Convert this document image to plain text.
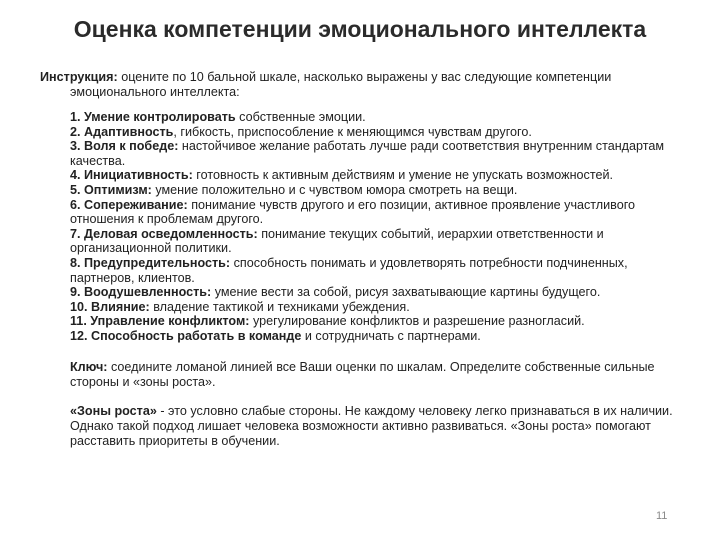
Оценка компетенции эмоционального интеллекта
Инструкция: оцените по 10 бальной шкале, насколько выражены у вас следующие компетенции
эмоционального интеллекта:

1. Умение контролировать собственные эмоции.

2. Адаптивность, гибкость, приспособление к меняющимся чувствам другого.

3. Воля к победе: настойчивое желание работать лучше ради соответствия внутренним стандартам качества.

4. Инициативность: готовность к активным действиям и умение не упускать возможностей.

5. Оптимизм: умение положительно и с чувством юмора смотреть на вещи.

6. Сопереживание: понимание чувств другого и его позиции, активное проявление участливого отношения к проблемам другого.

7. Деловая осведомленность: понимание текущих событий, иерархии ответственности и организационной политики.

8. Предупредительность: способность понимать и удовлетворять потребности подчиненных, партнеров, клиентов.

9. Воодушевленность: умение вести за собой, рисуя захватывающие картины будущего.

10. Влияние: владение тактикой и техниками убеждения.

11. Управление конфликтом: урегулирование конфликтов и разрешение разногласий.

12. Способность работать в команде и сотрудничать с партнерами.

Ключ: соедините ломаной линией все Ваши оценки по шкалам. Определите собственные сильные стороны и «зоны роста».
«Зоны роста» - это условно слабые стороны. Не каждому человеку легко признаваться в их наличии. Однако такой подход лишает человека возможности активно развиваться. «Зоны роста» помогают расставить приоритеты в обучении.
11
